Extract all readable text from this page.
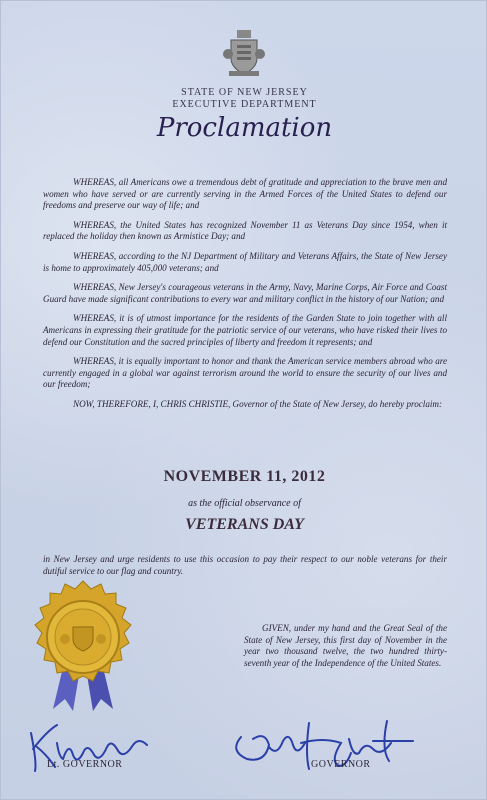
STATE OF NEW JERSEY
EXECUTIVE DEPARTMENT
Proclamation

WHEREAS, all Americans owe a tremendous debt of gratitude and appreciation to the brave men and women who have served or are currently serving in the Armed Forces of the United States to defend our freedoms and preserve our way of life; and

WHEREAS, the United States has recognized November 11 as Veterans Day since 1954, when it replaced the holiday then known as Armistice Day; and

WHEREAS, according to the NJ Department of Military and Veterans Affairs, the State of New Jersey is home to approximately 405,000 veterans; and

WHEREAS, New Jersey's courageous veterans in the Army, Navy, Marine Corps, Air Force and Coast Guard have made significant contributions to every war and military conflict in the history of our Nation; and

WHEREAS, it is of utmost importance for the residents of the Garden State to join together with all Americans in expressing their gratitude for the patriotic service of our veterans, who have risked their lives to defend our Constitution and the sacred principles of liberty and freedom it represents; and

WHEREAS, it is equally important to honor and thank the American service members abroad who are currently engaged in a global war against terrorism around the world to ensure the security of our lives and our freedom;

NOW, THEREFORE, I, CHRIS CHRISTIE, Governor of the State of New Jersey, do hereby proclaim:

NOVEMBER 11, 2012
as the official observance of
VETERANS DAY
in New Jersey and urge residents to use this occasion to pay their respect to our noble veterans for their dutiful service to our flag and country.
GIVEN, under my hand and the Great Seal of the State of New Jersey, this first day of November in the year two thousand twelve, the two hundred thirty-seventh year of the Independence of the United States.
Lt. GOVERNOR	GOVERNOR
